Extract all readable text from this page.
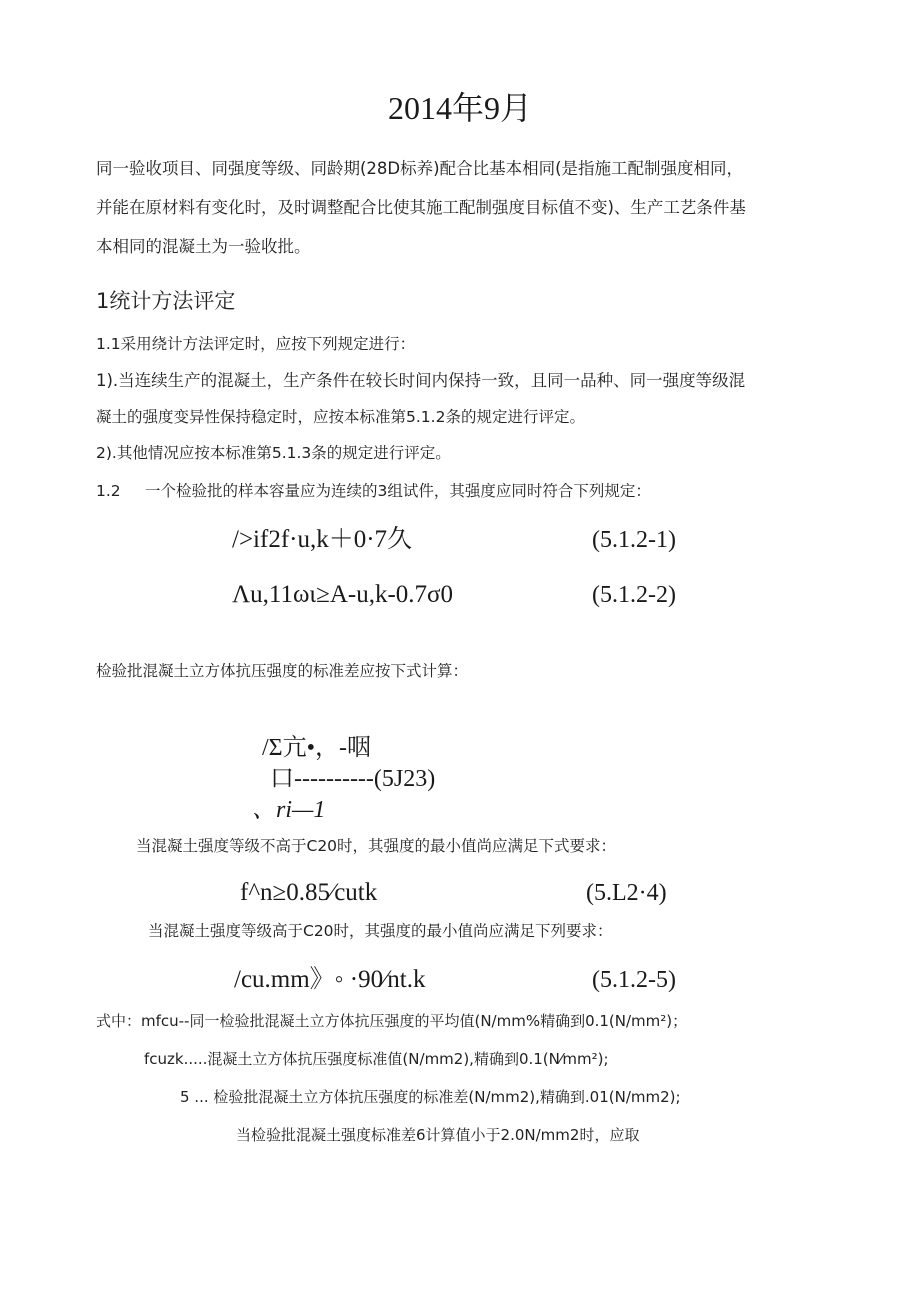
2014年9月
同一验收项目、同强度等级、同龄期(28D标养)配合比基本相同(是指施工配制强度相同，
并能在原材料有变化时，及时调整配合比使其施工配制强度目标值不变)、生产工艺条件基
本相同的混凝土为一验收批。
1统计方法评定
1.1采用绕计方法评定时，应按下列规定进行：
1).当连续生产的混凝土，生产条件在较长时间内保持一致，且同一品种、同一强度等级混
凝土的强度变异性保持稳定时，应按本标准第5.1.2条的规定进行评定。
2).其他情况应按本标准第5.1.3条的规定进行评定。
1.2 一个检验批的样本容量应为连续的3组试件，其强度应同时符合下列规定：
/>if2f·u,k＋0·7久	(5.1.2-1)
Λu,11ωι≥A-u,k-0.7σ0	(5.1.2-2)
检验批混凝土立方体抗压强度的标准差应按下式计算：
/Σ亢•，-咽
口----------(5J23)
、ri—1
当混凝土强度等级不高于C20时，其强度的最小值尚应满足下式要求：
f^n≥0.85⁄cutk	(5.L2·4)
当混凝土强度等级高于C20时，其强度的最小值尚应满足下列要求：
/cu.mm》◦ ·90⁄nt.k	(5.1.2-5)
式中：mfcu--同一检验批混凝土立方体抗压强度的平均值(N/mm%精确到0.1(N/mm²)；
fcuzk.....混凝土立方体抗压强度标准值(N/mm2),精确到0.1(N⁄mm²);
5 ... 检验批混凝土立方体抗压强度的标准差(N/mm2),精确到.01(N/mm2);
当检验批混凝土强度标准差6计算值小于2.0N/mm2时，应取
